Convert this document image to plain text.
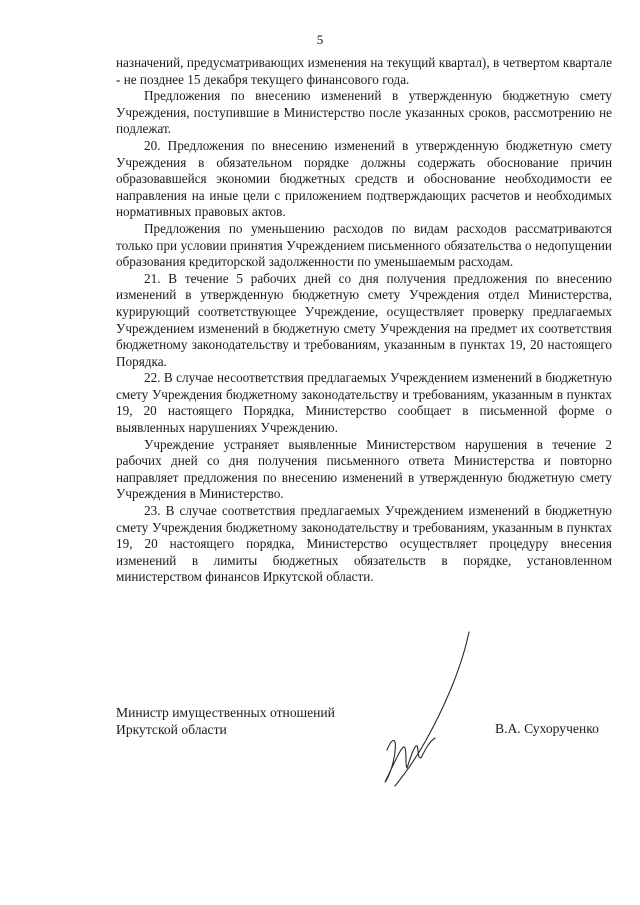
5

назначений, предусматривающих изменения на текущий квартал), в четвертом квартале - не позднее 15 декабря текущего финансового года.

Предложения по внесению изменений в утвержденную бюджетную смету Учреждения, поступившие в Министерство после указанных сроков, рассмотрению не подлежат.

20. Предложения по внесению изменений в утвержденную бюджетную смету Учреждения в обязательном порядке должны содержать обоснование причин образовавшейся экономии бюджетных средств и обоснование необходимости ее направления на иные цели с приложением подтверждающих расчетов и необходимых нормативных правовых актов.

Предложения по уменьшению расходов по видам расходов рассматриваются только при условии принятия Учреждением письменного обязательства о недопущении образования кредиторской задолженности по уменьшаемым расходам.

21. В течение 5 рабочих дней со дня получения предложения по внесению изменений в утвержденную бюджетную смету Учреждения отдел Министерства, курирующий соответствующее Учреждение, осуществляет проверку предлагаемых Учреждением изменений в бюджетную смету Учреждения на предмет их соответствия бюджетному законодательству и требованиям, указанным в пунктах 19, 20 настоящего Порядка.

22. В случае несоответствия предлагаемых Учреждением изменений в бюджетную смету Учреждения бюджетному законодательству и требованиям, указанным в пунктах 19, 20 настоящего Порядка, Министерство сообщает в письменной форме о выявленных нарушениях Учреждению.

Учреждение устраняет выявленные Министерством нарушения в течение 2 рабочих дней со дня получения письменного ответа Министерства и повторно направляет предложения по внесению изменений в утвержденную бюджетную смету Учреждения в Министерство.

23. В случае соответствия предлагаемых Учреждением изменений в бюджетную смету Учреждения бюджетному законодательству и требованиям, указанным в пунктах 19, 20 настоящего порядка, Министерство осуществляет процедуру внесения изменений в лимиты бюджетных обязательств в порядке, установленном министерством финансов Иркутской области.

Министр имущественных отношений
Иркутской области	В.А. Сухорученко
